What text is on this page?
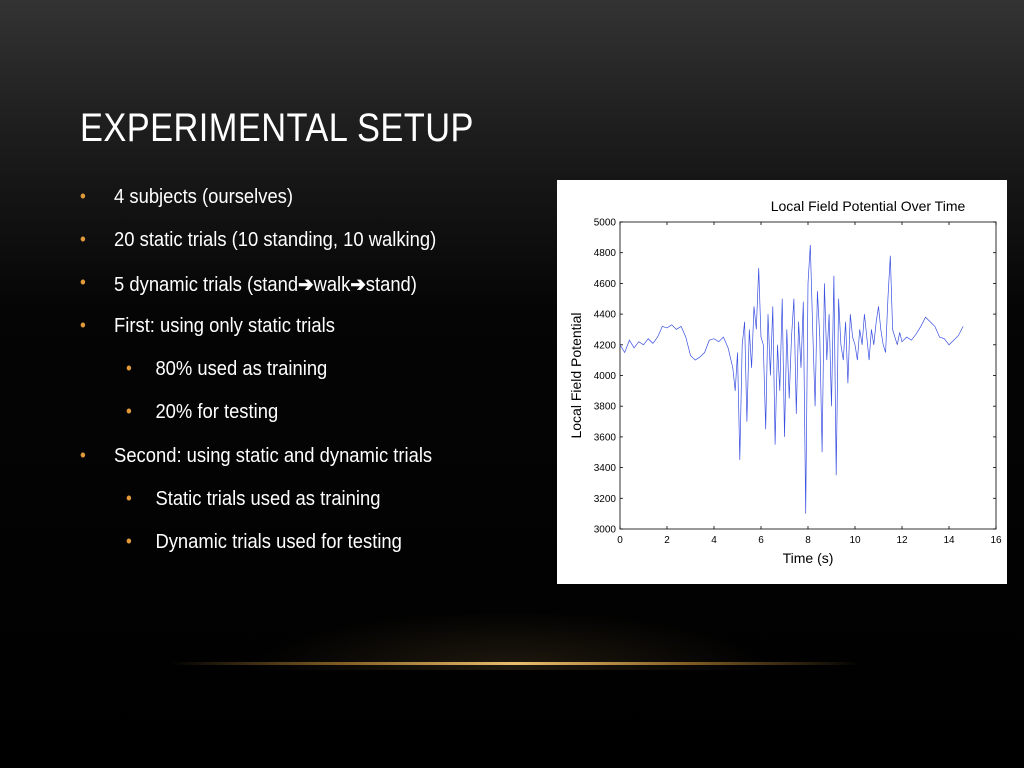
EXPERIMENTAL SETUP
• 4 subjects (ourselves)
• 20 static trials (10 standing, 10 walking)
• 5 dynamic trials (stand➔walk➔stand)
• First: using only static trials
• 80% used as training
• 20% for testing
• Second: using static and dynamic trials
• Static trials used as training
• Dynamic trials used for testing	0	2	4	6	8	10	12	14	16
3000
3200
3400
3600
3800
4000
4200
4400
4600
4800
5000
Local Field Potential Over Time
Time (s)
Local Field Potential
